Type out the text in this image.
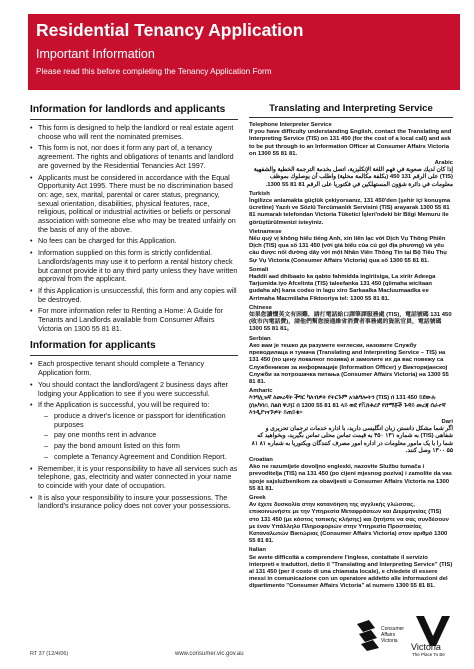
Residential Tenancy Application
Important Information
Please read this before completing the Tenancy Application Form
Information for landlords and applicants
• This form is designed to help the landlord or real estate agent choose who will rent the nominated premises.
• This form is not, nor does it form any part of, a tenancy agreement. The rights and obligations of tenants and landlord are governed by the Residential Tenancies Act 1997.
• Applicants must be considered in accordance with the Equal Opportunity Act 1995. There must be no discrimination based on: age, sex, marital, parental or carer status, pregnancy, sexual orientation, disabilities, physical features, race, religious, political or industrial activities or beliefs or personal association with someone else who may be treated unfairly on the basis of any of the above.
• No fees can be charged for this Application.
• Information supplied on this form is strictly confidential. Landlords/agents may use it to perform a rental history check but cannot provide it to any third party unless they have written approval from the applicant.
• If this Application is unsuccessful, this form and any copies will be destroyed.
• For more information refer to Renting a Home: A Guide for Tenants and Landlords available from Consumer Affairs Victoria on 1300 55 81 81.
Information for applicants
• Each prospective tenant should complete a Tenancy Application form.
• You should contact the landlord/agent 2 business days after lodging your Application to see if you were successful.
• If the Application is successful, you will be required to:
– produce a driver's licence or passport for identification purposes
– pay one months rent in advance
– pay the bond amount listed on this form
– complete a Tenancy Agreement and Condition Report.
• Remember, it is your responsibility to have all services such as telephone, gas, electricity and water connected in your name to coincide with your date of occupation.
• It is also your responsibility to insure your possessions. The landlord's insurance policy does not cover your possessions.
Translating and Interpreting Service
Telephone Interpreter Service
If you have difficulty understanding English, contact the Translating and Interpreting Service (TIS) on 131 450 (for the cost of a local call) and ask to be put through to an Information Officer at Consumer Affairs Victoria on 1300 55 81 81.
Arabic
إذا كان لديك صعوبة في فهم اللغة الإنكليزية، اتصل بخدمة الترجمة الخطية والشفهية (TIS) على الرقم 131 450 (بكلفة مكالمة محلية) واطلب أن يوصلوك بموظف معلومات في دائرة شؤون المستهلكين في فكتوريا على الرقم 81 81 55 1300.
Turkish
İngilizce anlamakta güçlük çekiyorsanız, 131 450'den (şehir içi konuşma ücretine) Yazılı ve Sözlü Tercümanlık Servisini (TIS) arayarak 1300 55 81 81 numaralı telefondan Victoria Tüketici İşleri'ndeki bir Bilgi Memuru ile görüştürülmenizi isteyiniz.
Vietnamese
Nếu quý vị không hiểu tiếng Anh, xin liên lạc với Dịch Vụ Thông Phiên Dịch (TIS) qua số 131 450 (với giá biểu của cú gọi địa phương) và yêu cầu được nối đường dây với một Nhân Viên Thông Tin tại Bộ Tiêu Thụ Sự Vụ Victoria (Consumer Affairs Victoria) qua số 1300 55 81 81.
Somali
Haddii aad dhibaato ka qabto fahmidda ingiriisiga, La xiriir Adeega Tarjumida iyo Afcelinta (TIS) taleefanka 131 450 (qiimaha wicitaan gudaha ah) kana codso in lagu xiro Sarkaalka Macluumaadka ee Arrimaha Macmiilaha Fiktooriya tel: 1300 55 81 81.
Chinese
如果您讀懂英文有困難，請打電話給口譯筆譯服務處 (TIS)，電話號碼 131 450 (收市內電話費)，請他們幫您接通維省消費者事務處的資訊官員，電話號碼 1300 55 81 81。
Serbian
Ако вам је тешко да разумете енглески, назовите Службу преводилаца и тумача (Translating and Interpreting Service – TIS) на 131 450 (по цену локалног позива) и замолите их да вас повежу са Службеником за информације (Information Officer) у Викторијанској Служби за потрошачка питања (Consumer Affairs Victoria) на 1300 55 81 81.
Amharic
እንግሊዝኛ ለመረዳት ችግር ካለብዎት የትርጉም አገልግሎትን (TIS) በ 131 450 ይደውሉ (በአካባቢ ስልክ ዋጋ)፤ በ 1300 55 81 81 ላይ ወደ የቪክቶሪያ የሸማቾች ጉዳይ መረጃ ሰራተኛ እንዲያገናኙዎት ይጠይቁ።
Dari
اگر شما مشکل دانستن زبان انگلیسی دارید، با اداره خدمات ترجمان تحریری و شفاهی (TIS) به شماره ۱۳۱ ۴۵۰ به قیمت تماس محلی تماس بگیرید، وبخواهید که شما را با یک مامور معلومات در اداره امور مصرف کنندگان ویکتوریا به شماره ۸۱ ۸۱ ۵۵ ۱۳۰۰ وصل کنند.
Croatian
Ako ne razumijete dovoljno engleski, nazovite Službu tumača i prevoditelja (TIS) na 131 450 (po cijeni mjesnog poziva) i zamolite da vas spoje sajslužbenikom za obavijesti u Consumer Affairs Victoria na 1300 55 81 81.
Greek
Αν έχετε δυσκολία στην κατανόηση της αγγλικής γλώσσας, επικοινωνήστε με την Υπηρεσία Μεταφράσεων και Διερμηνείας (TIS) στο 131 450 (με κόστος τοπικής κλήσης) και ζητήστε να σας συνδέσουν με έναν Υπάλληλο Πληροφοριών στην Υπηρεσία Προστασίας Καταναλωτών Βικτώριας (Consumer Affairs Victoria) στον αριθμό 1300 55 81 81.
Italian
Se avete difficoltà a comprendere l'inglese, contattate il servizio interpreti e traduttori, detto il "Translating and Interpreting Service" (TIS) al 131 450 (per il costo di una chiamata locale), e chiedete di essere messi in comunicazione con un operatore addetto alle informazioni del dipartimento "Consumer Affairs Victoria" al numero 1300 55 81 81.
RT 37 (12/4/06)	www.consumer.vic.gov.au
Consumer
Affairs
Victoria
Victoria
The Place To Be
